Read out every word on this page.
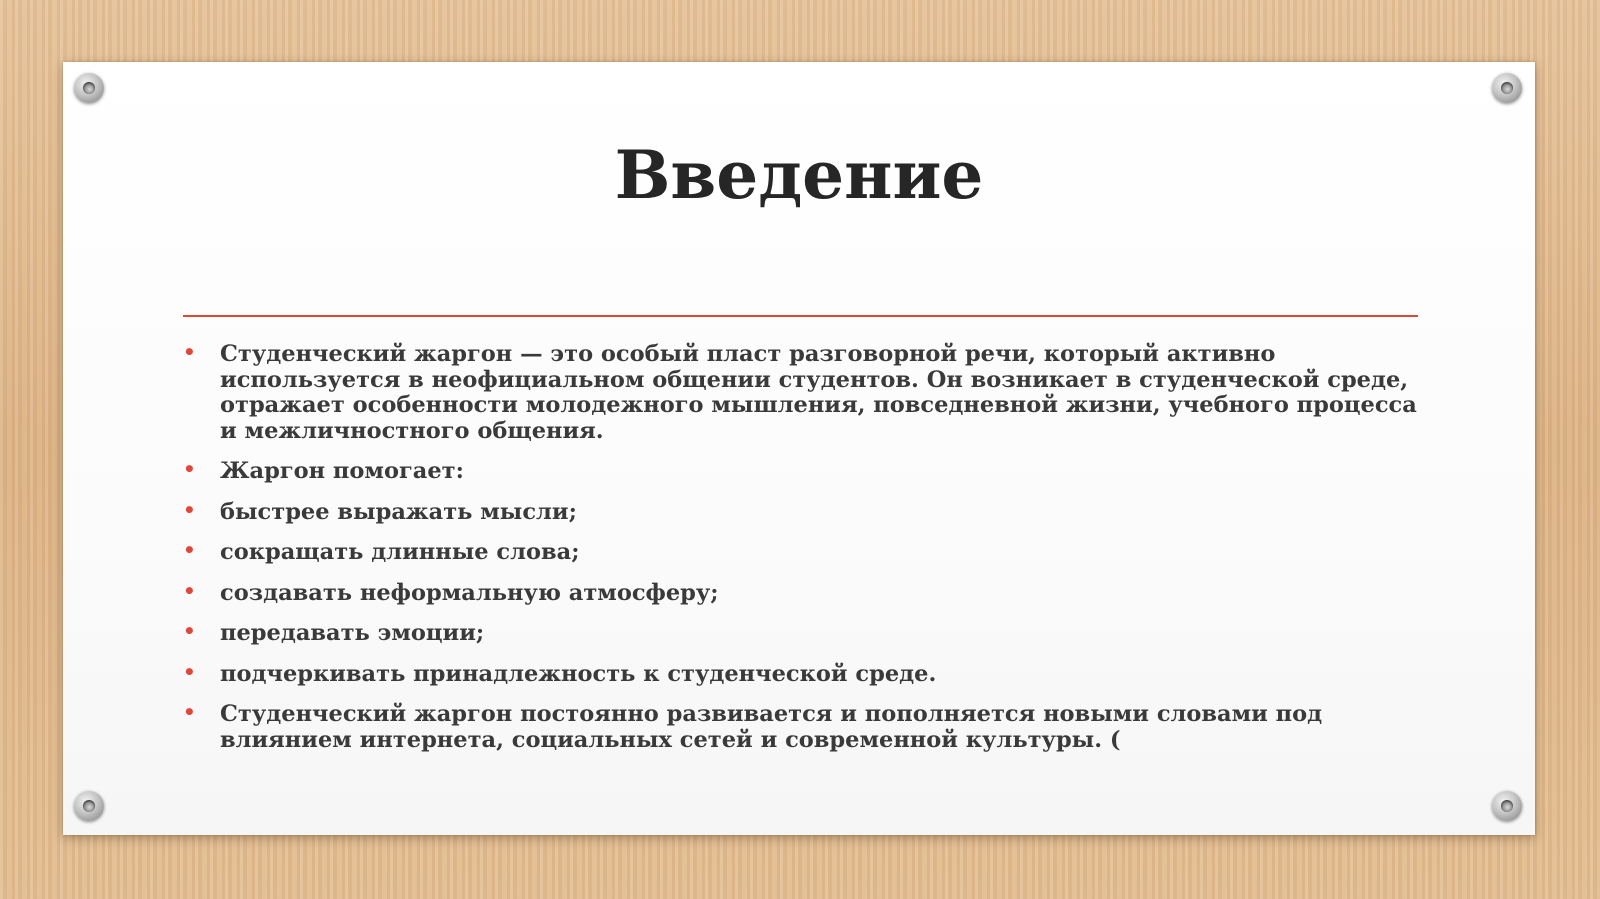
Введение
• Студенческий жаргон — это особый пласт разговорной речи, который активно используется в неофициальном общении студентов. Он возникает в студенческой среде, отражает особенности молодежного мышления, повседневной жизни, учебного процесса и межличностного общения.
• Жаргон помогает:
• быстрее выражать мысли;
• сокращать длинные слова;
• создавать неформальную атмосферу;
• передавать эмоции;
• подчеркивать принадлежность к студенческой среде.
• Студенческий жаргон постоянно развивается и пополняется новыми словами под влиянием интернета, социальных сетей и современной культуры. (
